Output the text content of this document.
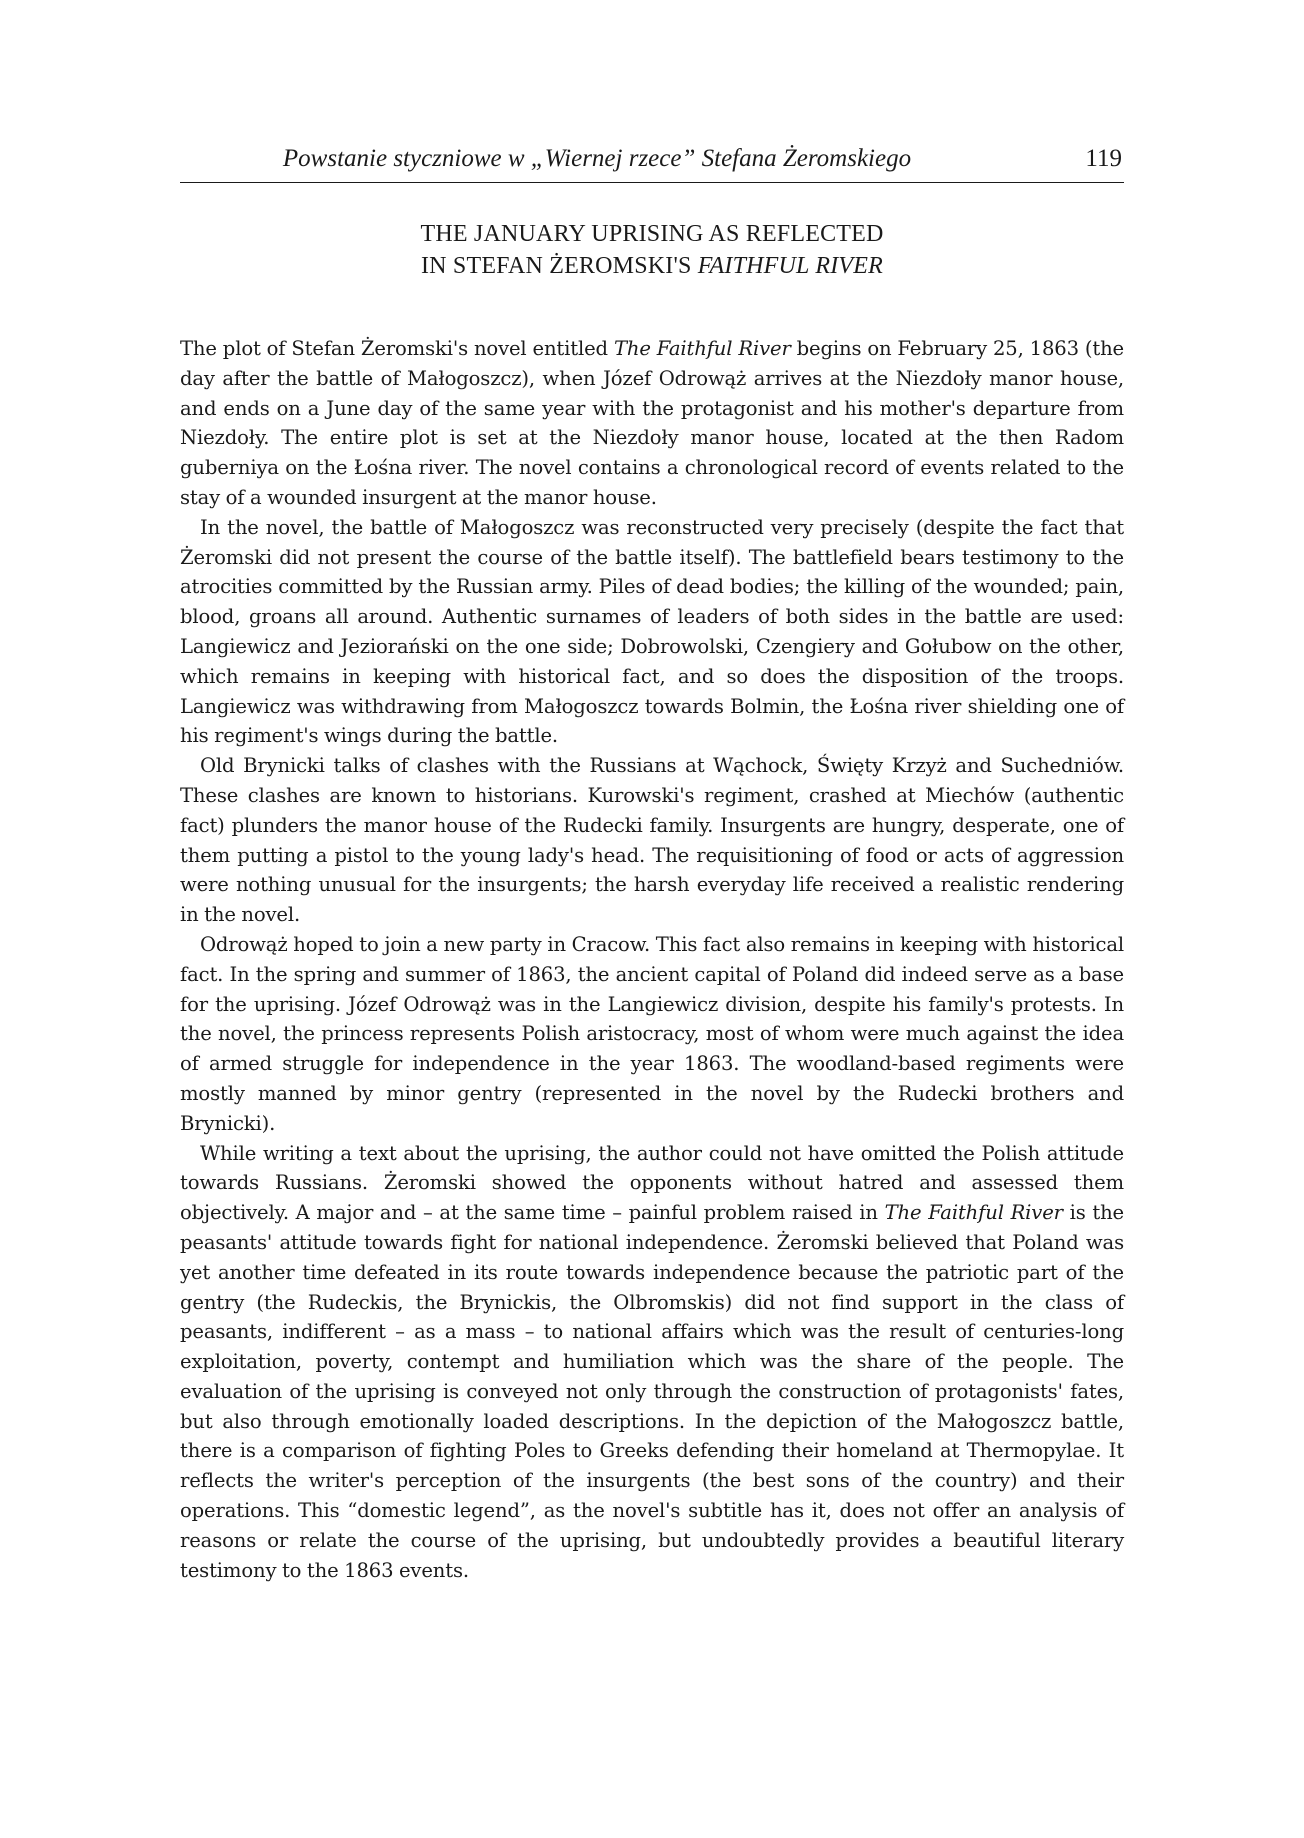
Powstanie styczniowe w „Wiernej rzece” Stefana Żeromskiego	119
THE JANUARY UPRISING AS REFLECTED
IN STEFAN ŻEROMSKI'S FAITHFUL RIVER

The plot of Stefan Żeromski's novel entitled The Faithful River begins on February 25, 1863 (the day after the battle of Małogoszcz), when Józef Odrowąż arrives at the Niezdoły manor house, and ends on a June day of the same year with the protagonist and his mother's departure from Niezdoły. The entire plot is set at the Niezdoły manor house, located at the then Radom guberniya on the Łośna river. The novel contains a chronological record of events related to the stay of a wounded insurgent at the manor house.

In the novel, the battle of Małogoszcz was reconstructed very precisely (despite the fact that Żeromski did not present the course of the battle itself). The battlefield bears testimony to the atrocities committed by the Russian army. Piles of dead bodies; the killing of the wounded; pain, blood, groans all around. Authentic surnames of leaders of both sides in the battle are used: Langiewicz and Jeziorański on the one side; Dobrowolski, Czengiery and Gołubow on the other, which remains in keeping with historical fact, and so does the disposition of the troops. Langiewicz was withdrawing from Małogoszcz towards Bolmin, the Łośna river shielding one of his regiment's wings during the battle.

Old Brynicki talks of clashes with the Russians at Wąchock, Święty Krzyż and Suchedniów. These clashes are known to historians. Kurowski's regiment, crashed at Miechów (authentic fact) plunders the manor house of the Rudecki family. Insurgents are hungry, desperate, one of them putting a pistol to the young lady's head. The requisitioning of food or acts of aggression were nothing unusual for the insurgents; the harsh everyday life received a realistic rendering in the novel.

Odrowąż hoped to join a new party in Cracow. This fact also remains in keeping with historical fact. In the spring and summer of 1863, the ancient capital of Poland did indeed serve as a base for the uprising. Józef Odrowąż was in the Langiewicz division, despite his family's protests. In the novel, the princess represents Polish aristocracy, most of whom were much against the idea of armed struggle for independence in the year 1863. The woodland-based regiments were mostly manned by minor gentry (represented in the novel by the Rudecki brothers and Brynicki).

While writing a text about the uprising, the author could not have omitted the Polish attitude towards Russians. Żeromski showed the opponents without hatred and assessed them objectively. A major and – at the same time – painful problem raised in The Faithful River is the peasants' attitude towards fight for national independence. Żeromski believed that Poland was yet another time defeated in its route towards independence because the patriotic part of the gentry (the Rudeckis, the Brynickis, the Olbromskis) did not find support in the class of peasants, indifferent – as a mass – to national affairs which was the result of centuries-long exploitation, poverty, contempt and humiliation which was the share of the people. The evaluation of the uprising is conveyed not only through the construction of protagonists' fates, but also through emotionally loaded descriptions. In the depiction of the Małogoszcz battle, there is a comparison of fighting Poles to Greeks defending their homeland at Thermopylae. It reflects the writer's perception of the insurgents (the best sons of the country) and their operations. This “domestic legend”, as the novel's subtitle has it, does not offer an analysis of reasons or relate the course of the uprising, but undoubtedly provides a beautiful literary testimony to the 1863 events.
